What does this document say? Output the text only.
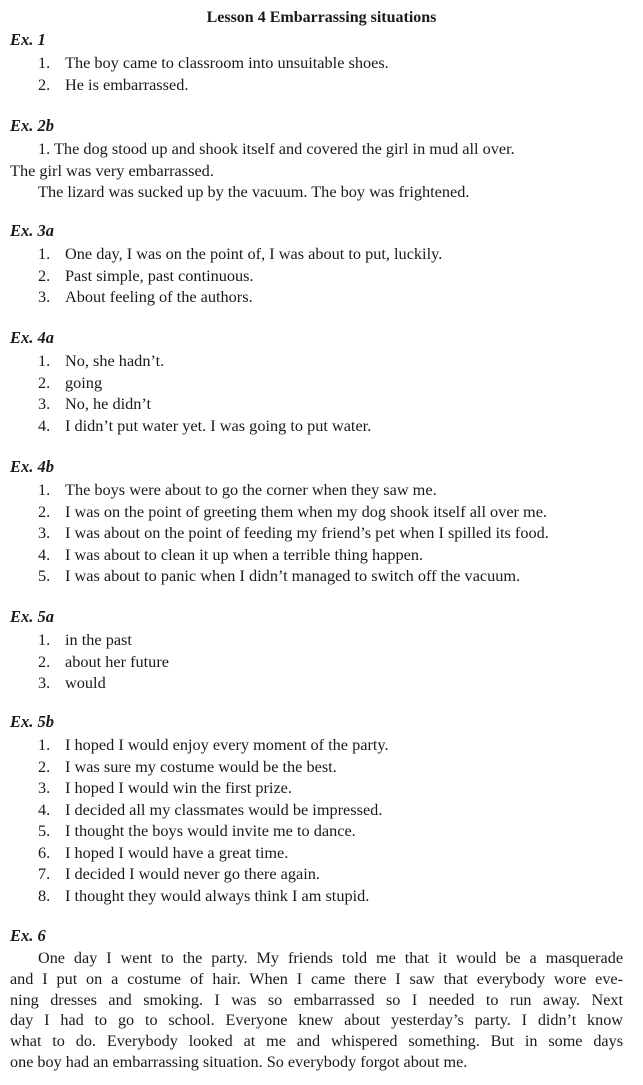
Lesson 4 Embarrassing situations
Ex. 1
1. The boy came to classroom into unsuitable shoes.
2. He is embarrassed.
Ex. 2b
1. The dog stood up and shook itself and covered the girl in mud all over.
The girl was very embarrassed.
The lizard was sucked up by the vacuum. The boy was frightened.
Ex. 3a
1. One day, I was on the point of, I was about to put, luckily.
2. Past simple, past continuous.
3. About feeling of the authors.
Ex. 4a
1. No, she hadn’t.
2. going
3. No, he didn’t
4. I didn’t put water yet. I was going to put water.
Ex. 4b
1. The boys were about to go the corner when they saw me.
2. I was on the point of greeting them when my dog shook itself all over me.
3. I was about on the point of feeding my friend’s pet when I spilled its food.
4. I was about to clean it up when a terrible thing happen.
5. I was about to panic when I didn’t managed to switch off the vacuum.
Ex. 5a
1. in the past
2. about her future
3. would
Ex. 5b
1. I hoped I would enjoy every moment of the party.
2. I was sure my costume would be the best.
3. I hoped I would win the first prize.
4. I decided all my classmates would be impressed.
5. I thought the boys would invite me to dance.
6. I hoped I would have a great time.
7. I decided I would never go there again.
8. I thought they would always think I am stupid.
Ex. 6
One day I went to the party. My friends told me that it would be a masquerade
and I put on a costume of hair. When I came there I saw that everybody wore eve-
ning dresses and smoking. I was so embarrassed so I needed to run away. Next
day I had to go to school. Everyone knew about yesterday’s party. I didn’t know
what to do. Everybody looked at me and whispered something. But in some days
one boy had an embarrassing situation. So everybody forgot about me.
